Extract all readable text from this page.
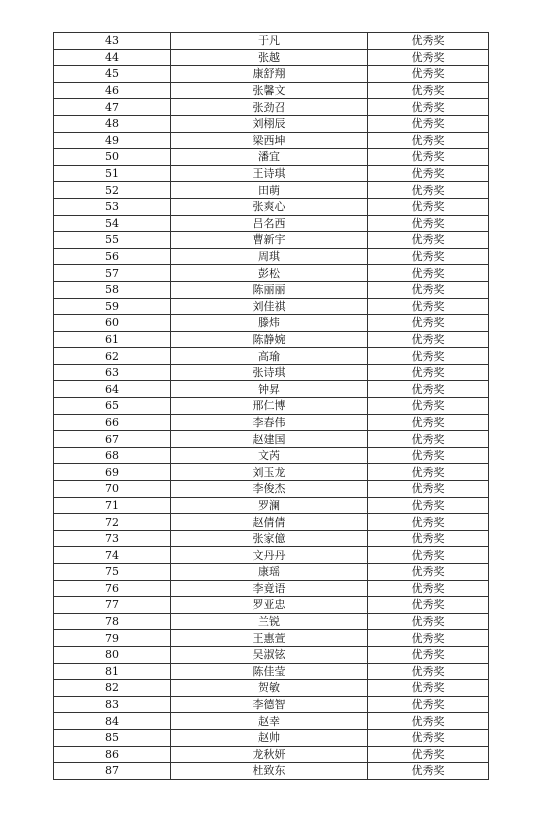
43	于凡	优秀奖
44	张越	优秀奖
45	康舒翔	优秀奖
46	张馨文	优秀奖
47	张劲召	优秀奖
48	刘栩辰	优秀奖
49	梁西坤	优秀奖
50	潘宜	优秀奖
51	王诗琪	优秀奖
52	田萌	优秀奖
53	张爽心	优秀奖
54	吕名西	优秀奖
55	曹新宇	优秀奖
56	周琪	优秀奖
57	彭松	优秀奖
58	陈丽丽	优秀奖
59	刘佳祺	优秀奖
60	滕炜	优秀奖
61	陈静婉	优秀奖
62	高瑜	优秀奖
63	张诗琪	优秀奖
64	钟昇	优秀奖
65	邢仁博	优秀奖
66	李春伟	优秀奖
67	赵建国	优秀奖
68	文芮	优秀奖
69	刘玉龙	优秀奖
70	李俊杰	优秀奖
71	罗澜	优秀奖
72	赵倩倩	优秀奖
73	张家億	优秀奖
74	文丹丹	优秀奖
75	康瑶	优秀奖
76	李竟语	优秀奖
77	罗亚忠	优秀奖
78	兰锐	优秀奖
79	王惠萱	优秀奖
80	吴淑铉	优秀奖
81	陈佳莹	优秀奖
82	贺敏	优秀奖
83	李德智	优秀奖
84	赵幸	优秀奖
85	赵帅	优秀奖
86	龙秋妍	优秀奖
87	杜致东	优秀奖
